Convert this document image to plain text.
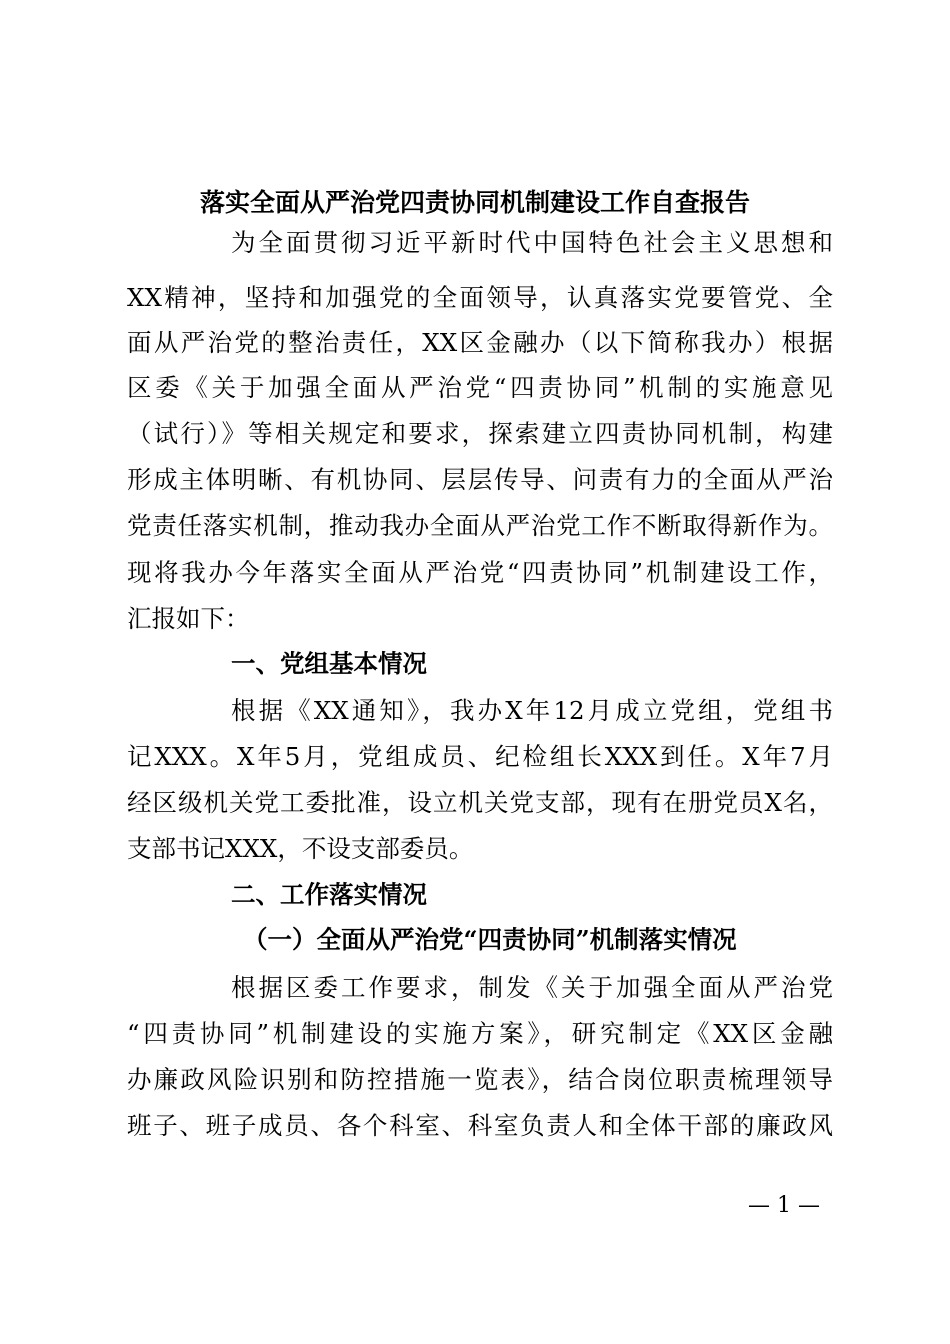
落实全面从严治党四责协同机制建设工作自查报告
为全面贯彻习近平新时代中国特色社会主义思想和
XX精神，坚持和加强党的全面领导，认真落实党要管党、全
面从严治党的整治责任，XX区金融办（以下简称我办）根据
区委《关于加强全面从严治党“四责协同”机制的实施意见
（试行）》等相关规定和要求，探索建立四责协同机制，构建
形成主体明晰、有机协同、层层传导、问责有力的全面从严治
党责任落实机制，推动我办全面从严治党工作不断取得新作为。
现将我办今年落实全面从严治党“四责协同”机制建设工作，
汇报如下：
一、党组基本情况
根据《XX通知》，我办X年12月成立党组，党组书
记XXX。X年5月，党组成员、纪检组长XXX到任。X年7月
经区级机关党工委批准，设立机关党支部，现有在册党员X名，
支部书记XXX，不设支部委员。
二、工作落实情况
（一）全面从严治党“四责协同”机制落实情况
根据区委工作要求，制发《关于加强全面从严治党
“四责协同”机制建设的实施方案》，研究制定《XX区金融
办廉政风险识别和防控措施一览表》，结合岗位职责梳理领导
班子、班子成员、各个科室、科室负责人和全体干部的廉政风
— 1 —
